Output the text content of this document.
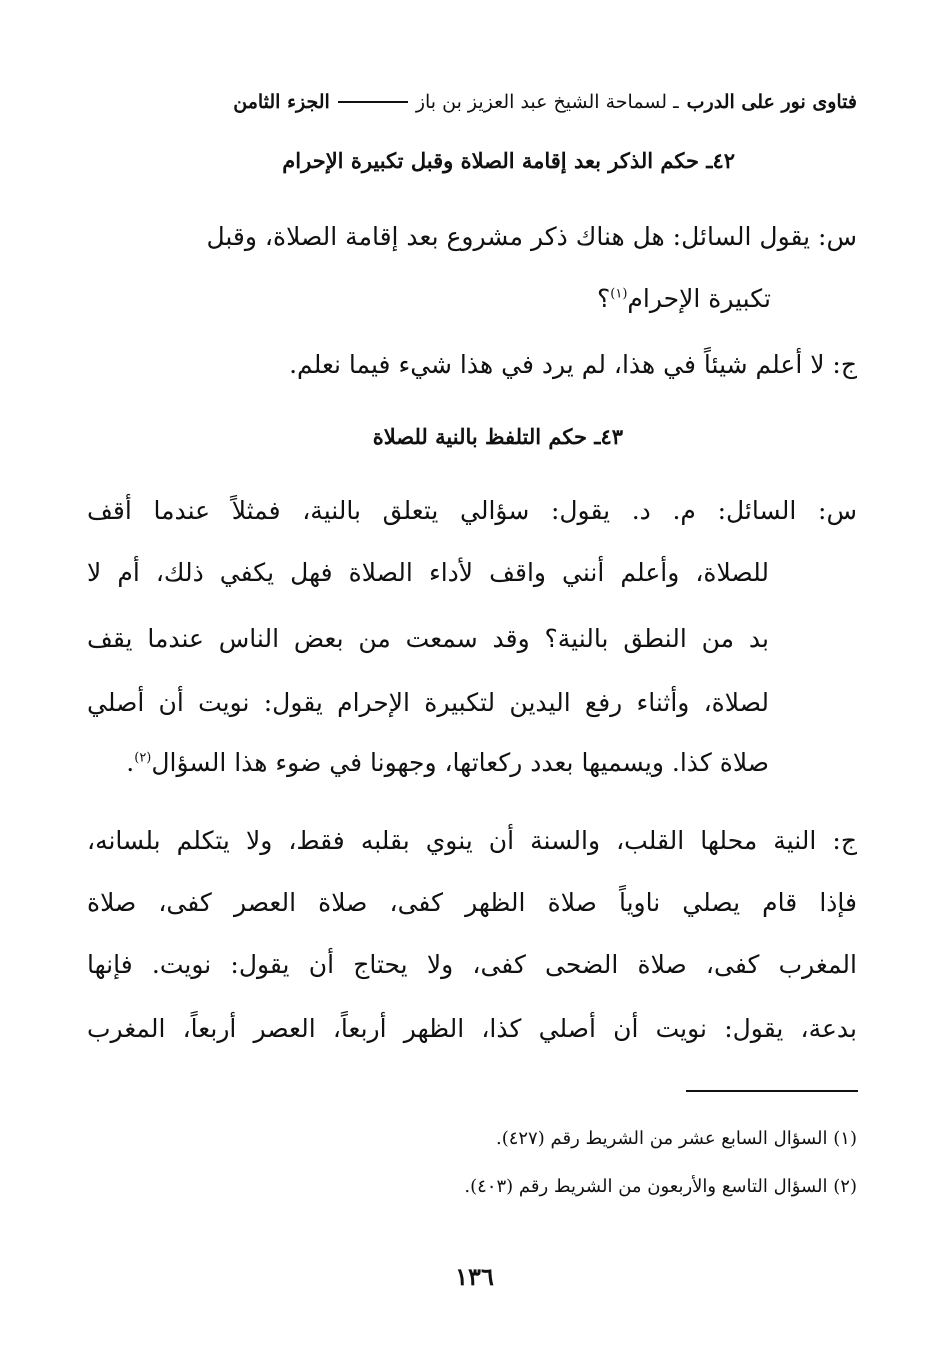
فتاوى نور على الدرب
ـ لسماحة الشيخ عبد العزيز بن باز
الجزء الثامن
٤٢ـ حكم الذكر بعد إقامة الصلاة وقبل تكبيرة الإحرام
س: يقول السائل: هل هناك ذكر مشروع بعد إقامة الصلاة، وقبل
تكبيرة الإحرام$^{(١)}$؟
ج: لا أعلم شيئاً في هذا، لم يرد في هذا شيء فيما نعلم.
٤٣ـ حكم التلفظ بالنية للصلاة
س: السائل: م. د. يقول: سؤالي يتعلق بالنية، فمثلاً عندما أقف
للصلاة، وأعلم أنني واقف لأداء الصلاة فهل يكفي ذلك، أم لا
بد من النطق بالنية؟ وقد سمعت من بعض الناس عندما يقف
لصلاة، وأثناء رفع اليدين لتكبيرة الإحرام يقول: نويت أن أصلي
صلاة كذا. ويسميها بعدد ركعاتها، وجهونا في ضوء هذا السؤال$^{(٢)}$.
ج: النية محلها القلب، والسنة أن ينوي بقلبه فقط، ولا يتكلم بلسانه،
فإذا قام يصلي ناوياً صلاة الظهر كفى، صلاة العصر كفى، صلاة
المغرب كفى، صلاة الضحى كفى، ولا يحتاج أن يقول: نويت. فإنها
بدعة، يقول: نويت أن أصلي كذا، الظهر أربعاً، العصر أربعاً، المغرب
(١) السؤال السابع عشر من الشريط رقم (٤٢٧).
(٢) السؤال التاسع والأربعون من الشريط رقم (٤٠٣).
١٣٦
